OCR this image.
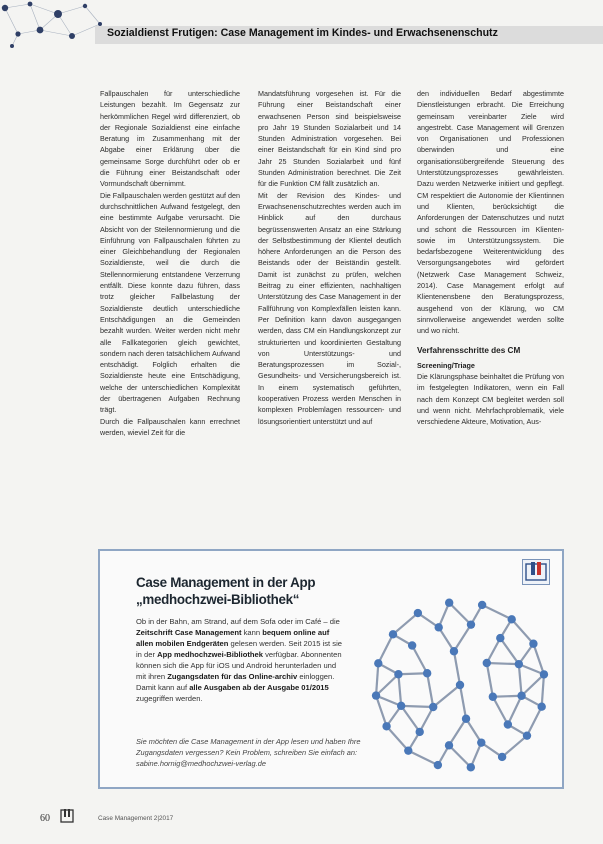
Sozialdienst Frutigen: Case Management im Kindes- und Erwachsenenschutz

Fallpauschalen für unterschiedliche Leistungen bezahlt. Im Gegensatz zur herkömmlichen Regel wird differenziert, ob der Regionale Sozialdienst eine einfache Beratung im Zusammenhang mit der Abgabe einer Erklärung über die gemeinsame Sorge durchführt oder ob er die Führung einer Beistandschaft oder Vormundschaft übernimmt.

Die Fallpauschalen werden gestützt auf den durchschnittlichen Aufwand festgelegt, den eine bestimmte Aufgabe verursacht. Die Absicht von der Steilennormierung und die Einführung von Fallpauschalen führten zu einer Gleichbehandlung der Regionalen Sozialdienste, weil die durch die Stellennormierung entstandene Verzerrung entfällt. Diese konnte dazu führen, dass trotz gleicher Fallbelastung der Sozialdienste deutlich unterschiedliche Entschädigungen an die Gemeinden bezahlt wurden. Weiter werden nicht mehr alle Fallkategorien gleich gewichtet, sondern nach deren tatsächlichem Aufwand entschädigt. Folglich erhalten die Sozialdienste heute eine Entschädigung, welche der unterschiedlichen Komplexität der übertragenen Aufgaben Rechnung trägt.

Durch die Fallpauschalen kann errechnet werden, wieviel Zeit für die

Mandatsführung vorgesehen ist. Für die Führung einer Beistandschaft einer erwachsenen Person sind beispielsweise pro Jahr 19 Stunden Sozialarbeit und 14 Stunden Administration vorgesehen. Bei einer Beistandschaft für ein Kind sind pro Jahr 25 Stunden Sozialarbeit und fünf Stunden Administration berechnet. Die Zeit für die Funktion CM fällt zusätzlich an.

Mit der Revision des Kindes- und Erwachsenenschutzrechtes werden auch im Hinblick auf den durchaus begrüssenswerten Ansatz an eine Stärkung der Selbstbestimmung der Klientel deutlich höhere Anforderungen an die Person des Beistands oder der Beiständin gestellt. Damit ist zunächst zu prüfen, welchen Beitrag zu einer effizienten, nachhaltigen Unterstützung des Case Management in der Fallführung von Komplexfällen leisten kann. Per Definition kann davon ausgegangen werden, dass CM ein Handlungskonzept zur strukturierten und koordinierten Gestaltung von Unterstützungs- und Beratungsprozessen im Sozial-, Gesundheits- und Versicherungsbereich ist. In einem systematisch geführten, kooperativen Prozess werden Menschen in komplexen Problemlagen ressourcen- und lösungsorientiert unterstützt und auf

den individuellen Bedarf abgestimmte Dienstleistungen erbracht. Die Erreichung gemeinsam vereinbarter Ziele wird angestrebt. Case Management will Grenzen von Organisationen und Professionen überwinden und eine organisationsübergreifende Steuerung des Unterstützungsprozesses gewährleisten. Dazu werden Netzwerke initiiert und gepflegt. CM respektiert die Autonomie der Klientinnen und Klienten, berücksichtigt die Anforderungen der Datenschutzes und nutzt und schont die Ressourcen im Klienten- sowie im Unterstützungssystem. Die bedarfsbezogene Weiterentwicklung des Versorgungsangebotes wird gefördert (Netzwerk Case Management Schweiz, 2014). Case Management erfolgt auf Klientenensbene den Beratungsprozess, ausgehend von der Klärung, wo CM sinnvollerweise angewendet werden sollte und wo nicht.

Verfahrensschritte des CM
Screening/Triage

Die Klärungsphase beinhaltet die Prüfung von im festgelegten Indikatoren, wenn ein Fall nach dem Konzept CM begleitet werden soll und wenn nicht. Mehrfachproblematik, viele verschiedene Akteure, Motivation, Aus-

Case Management in der App
„medhochzwei-Bibliothek“
Ob in der Bahn, am Strand, auf dem Sofa oder im Café – die Zeitschrift Case Management kann bequem online auf allen mobilen Endgeräten gelesen werden. Seit 2015 ist sie in der App medhochzwei-Bibliothek verfügbar. Abonnenten können sich die App für iOS und Android herunterladen und mit ihren Zugangsdaten für das Online-archiv einloggen. Damit kann auf alle Ausgaben ab der Ausgabe 01/2015 zugegriffen werden.
Sie möchten die Case Management in der App lesen und haben Ihre Zugangsdaten vergessen? Kein Problem, schreiben Sie einfach an: sabine.hornig@medhochzwei-verlag.de
60	Case Management 2|2017
